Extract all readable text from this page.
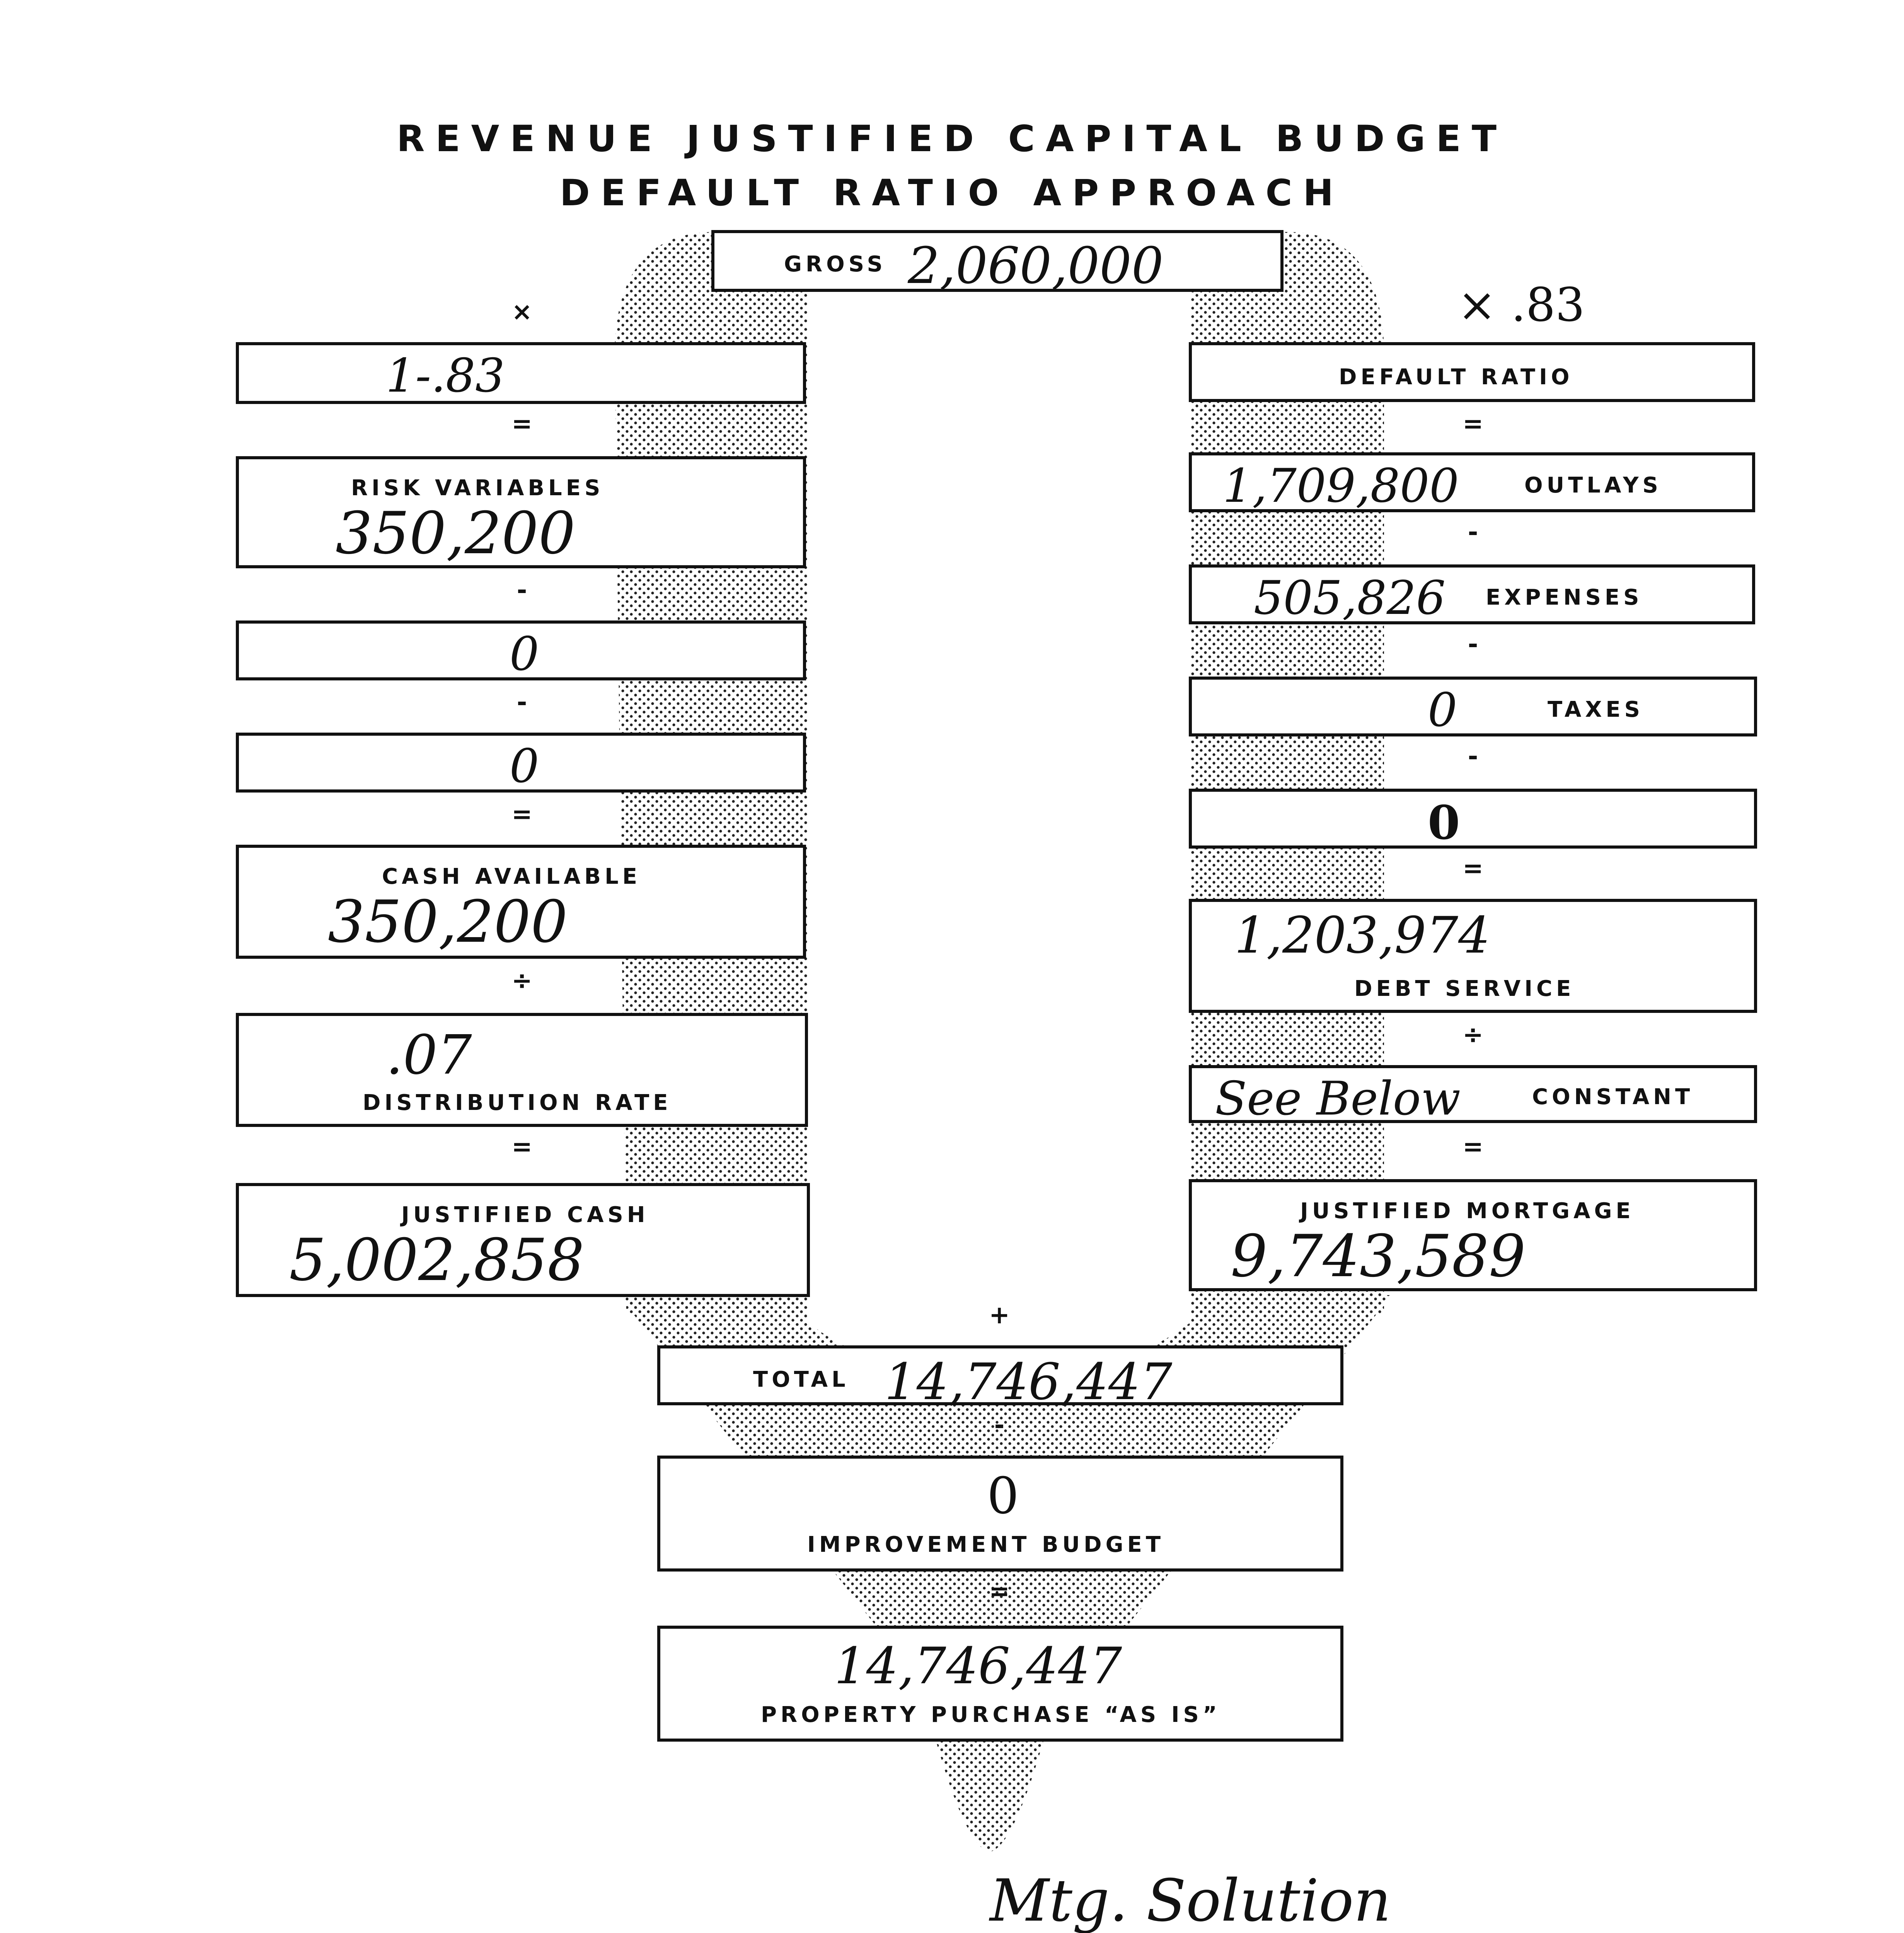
REVENUE JUSTIFIED CAPITAL BUDGET
DEFAULT RATIO APPROACH
GROSS 2,060,000
×
1-.83
=
RISK VARIABLES
350,200
-
0
-
0
=
CASH AVAILABLE
350,200
÷
.07
DISTRIBUTION RATE
=
JUSTIFIED CASH
5,002,858
× .83
DEFAULT RATIO
=
1,709,800	OUTLAYS
-
505,826 EXPENSES
-
0	TAXES
-
0
=
1,203,974
DEBT SERVICE
÷
See Below	CONSTANT
=
JUSTIFIED MORTGAGE
9,743,589
+
TOTAL 14,746,447
-
0
IMPROVEMENT BUDGET
=
14,746,447
PROPERTY PURCHASE “AS IS”
Mtg. Solution
